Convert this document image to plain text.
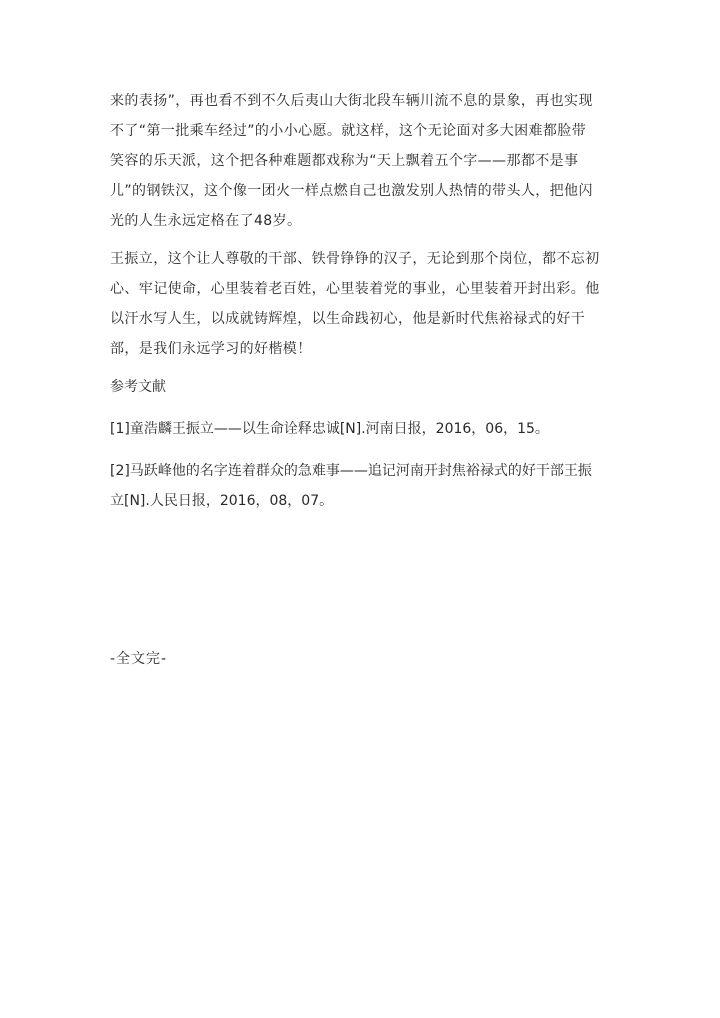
来的表扬”，再也看不到不久后夷山大街北段车辆川流不息的景象，再也实现
不了“第一批乘车经过”的小小心愿。就这样，这个无论面对多大困难都脸带
笑容的乐天派，这个把各种难题都戏称为“天上飘着五个字——那都不是事
儿”的钢铁汉，这个像一团火一样点燃自己也激发别人热情的带头人，把他闪
光的人生永远定格在了48岁。

王振立，这个让人尊敬的干部、铁骨铮铮的汉子，无论到那个岗位，都不忘初
心、牢记使命，心里装着老百姓，心里装着党的事业，心里装着开封出彩。他
以汗水写人生，以成就铸辉煌，以生命践初心，他是新时代焦裕禄式的好干
部，是我们永远学习的好楷模！

参考文献

[1]童浩麟王振立——以生命诠释忠诚[N].河南日报，2016，06，15。

[2]马跃峰他的名字连着群众的急难事——追记河南开封焦裕禄式的好干部王振
立[N].人民日报，2016，08，07。

-全文完-
